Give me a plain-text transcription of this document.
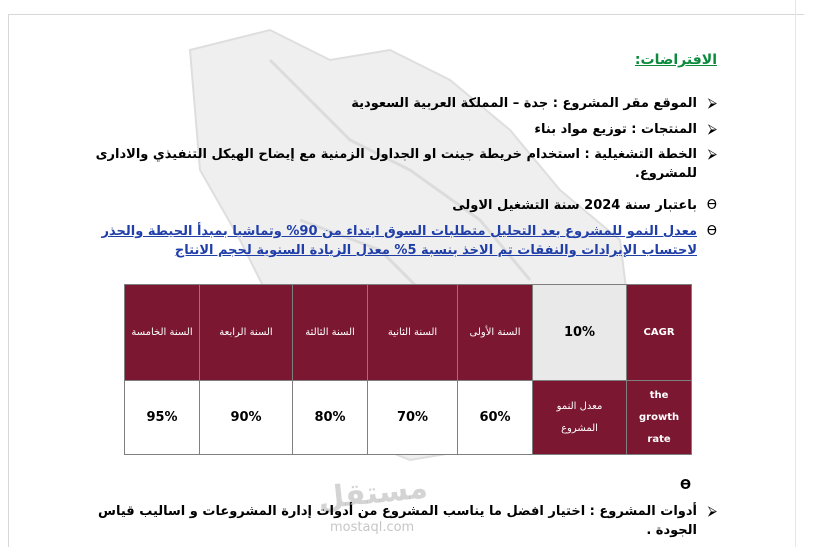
الافتراضات:
⮚الموقع مقر المشروع : جدة – المملكة العربية السعودية
⮚المنتجات : توزيع مواد بناء
⮚
الخطة التشغيلية : استخدام خريطة جينت او الجداول الزمنية مع إيضاح الهيكل التنفيذي والادارى للمشروع.
ϴباعتبار سنة 2024 سنة التشغيل الاولى
ϴ
معدل النمو للمشروع بعد التحليل متطلبات السوق ابتداء من 90% وتماشيا بمبدأ الحيطة والحذر لاحتساب الإيرادات والنفقات تم الاخذ بنسبة 5% معدل الزيادة السنوية لحجم الانتاج
السنة الخامسة	السنة الرابعة	السنة الثالثة	السنة الثانية	السنة الأولى	10%	CAGR
95%	90%	80%	70%	60%	معدل النمو المشروع	the growth rate
ϴ
مستقل
mostaql.com
⮚
أدوات المشروع : اختيار افضل ما يناسب المشروع من أدوات إدارة المشروعات و اساليب قياس الجودة .
